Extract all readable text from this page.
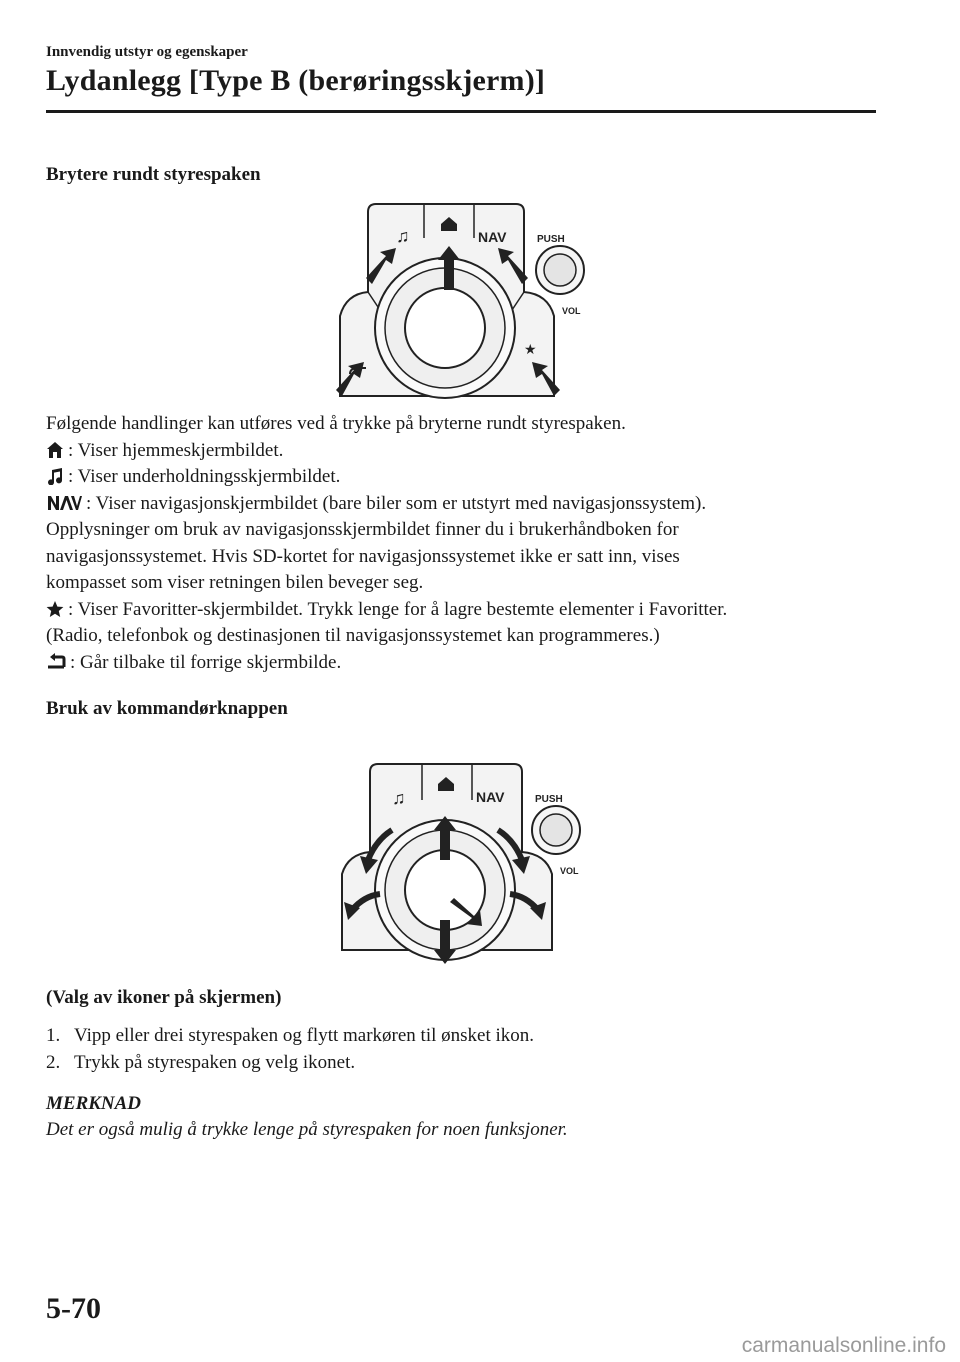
Innvendig utstyr og egenskaper
Lydanlegg [Type B (berøringsskjerm)]
Brytere rundt styrespaken
♫	NAV
★
PUSH
VOL
Følgende handlinger kan utføres ved å trykke på bryterne rundt styrespaken.
: Viser hjemmeskjermbildet.
: Viser underholdningsskjermbildet.
: Viser navigasjonskjermbildet (bare biler som er utstyrt med navigasjonssystem).
Opplysninger om bruk av navigasjonsskjermbildet finner du i brukerhåndboken for
navigasjonssystemet. Hvis SD-kortet for navigasjonssystemet ikke er satt inn, vises
kompasset som viser retningen bilen beveger seg.
: Viser Favoritter-skjermbildet. Trykk lenge for å lagre bestemte elementer i Favoritter.
(Radio, telefonbok og destinasjonen til navigasjonssystemet kan programmeres.)
: Går tilbake til forrige skjermbilde.
Bruk av kommandørknappen
♫	NAV	PUSH
VOL
(Valg av ikoner på skjermen)
1. Vipp eller drei styrespaken og flytt markøren til ønsket ikon.
2. Trykk på styrespaken og velg ikonet.
MERKNAD
Det er også mulig å trykke lenge på styrespaken for noen funksjoner.
5-70
carmanualsonline.info
